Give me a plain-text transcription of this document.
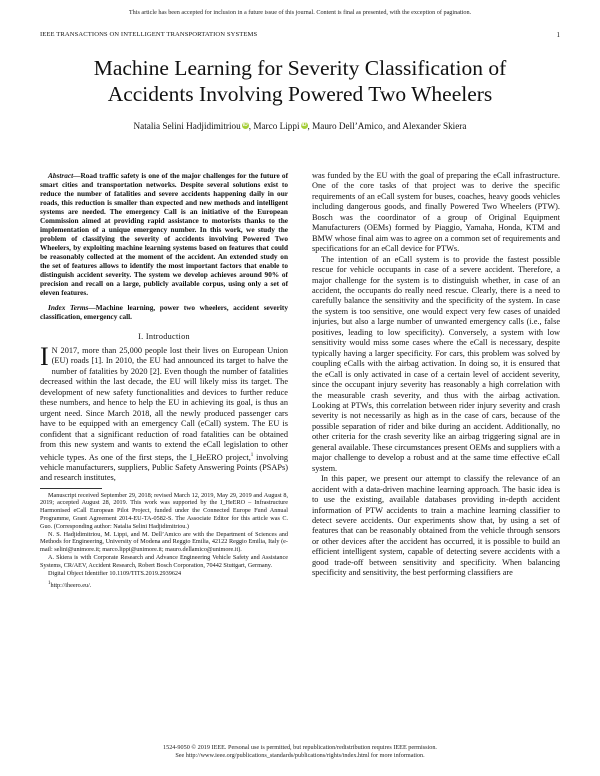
This article has been accepted for inclusion in a future issue of this journal. Content is final as presented, with the exception of pagination.
IEEE TRANSACTIONS ON INTELLIGENT TRANSPORTATION SYSTEMS	1
Machine Learning for Severity Classification of
Accidents Involving Powered Two Wheelers
Natalia Selini Hadjidimitriou iD, Marco Lippi iD, Mauro Dell’Amico, and Alexander Skiera

Abstract—Road traffic safety is one of the major challenges for the future of smart cities and transportation networks. Despite several solutions exist to reduce the number of fatalities and severe accidents happening daily in our roads, this reduction is smaller than expected and new methods and intelligent systems are needed. The emergency Call is an initiative of the European Commission aimed at providing rapid assistance to motorists thanks to the implementation of a unique emergency number. In this work, we study the problem of classifying the severity of accidents involving Powered Two Wheelers, by exploiting machine learning systems based on features that could be reasonably collected at the moment of the accident. An extended study on the set of features allows to identify the most important factors that enable to distinguish accident severity. The system we develop achieves around 90% of precision and recall on a large, publicly available corpus, using only a set of eleven features.

Index Terms—Machine learning, power two wheelers, accident severity classification, emergency call.

I. Introduction

I N 2017, more than 25,000 people lost their lives on European Union (EU) roads [1]. In 2010, the EU had announced its target to halve the number of fatalities by 2020 [2]. Even though the number of fatalities decreased within the last decade, the EU will likely miss its target. The development of new safety functionalities and devices to further reduce these numbers, and hence to help the EU in achieving its goal, is thus an urgent need. Since March 2018, all the newly produced passenger cars have to be equipped with an emergency Call (eCall) system. The EU is confident that a significant reduction of road fatalities can be obtained from this new system and wants to extend the eCall legislation to other vehicle types. As one of the first steps, the I_HeERO project,$^1$ involving vehicle manufacturers, suppliers, Public Safety Answering Points (PSAPs) and research institutes,

Manuscript received September 29, 2018; revised March 12, 2019, May 29, 2019 and August 8, 2019; accepted August 28, 2019. This work was supported by the I_HeERO – Infrastructure Harmonised eCall European Pilot Project, funded under the Connected Europe Fund Annual Programme, Grant Agreement 2014-EU-TA-0582-S. The Associate Editor for this article was C. Guo. (Corresponding author: Natalia Selini Hadjidimitriou.)

N. S. Hadjidimitriou, M. Lippi, and M. Dell’Amico are with the Department of Sciences and Methods for Engineering, University of Modena and Reggio Emilia, 42122 Reggio Emilia, Italy (e-mail: selini@unimore.it; marco.lippi@unimore.it; mauro.dellamico@unimore.it).

A. Skiera is with Corporate Research and Advance Engineering Vehicle Safety and Assistance Systems, CR/AEV, Accident Research, Robert Bosch Corporation, 70442 Stuttgart, Germany.

Digital Object Identifier 10.1109/TITS.2019.2939624

$^1$http://iheero.eu/.

was funded by the EU with the goal of preparing the eCall infrastructure. One of the core tasks of that project was to derive the specific requirements of an eCall system for buses, coaches, heavy goods vehicles including dangerous goods, and finally Powered Two Wheelers (PTW). Bosch was the coordinator of a group of Original Equipment Manufacturers (OEMs) formed by Piaggio, Yamaha, Honda, KTM and BMW whose final aim was to agree on a common set of requirements and specifications for an eCall device for PTWs.

The intention of an eCall system is to provide the fastest possible rescue for vehicle occupants in case of a severe accident. Therefore, a major challenge for the system is to distinguish whether, in case of an accident, the occupants do really need rescue. Clearly, there is a need to carefully balance the sensitivity and the specificity of the system. In case the system is too sensitive, one would expect very few cases of unaided injuries, but also a large number of unwanted emergency calls (i.e., false positives, leading to low specificity). Conversely, a system with low sensitivity would miss some cases where the eCall is necessary, despite typically having a larger specificity. For cars, this problem was solved by coupling eCalls with the airbag activation. In doing so, it is ensured that the eCall is only activated in case of a certain level of accident severity, since the occupant injury severity has reasonably a high correlation with the measurable crash severity, and thus with the airbag activation. Looking at PTWs, this correlation between rider injury severity and crash severity is not necessarily as high as in the case of cars, because of the possible separation of rider and bike during an accident. Additionally, no other criteria for the crash severity like an airbag triggering signal are in general available. These circumstances present OEMs and suppliers with a major challenge to develop a robust and at the same time effective eCall system.

In this paper, we present our attempt to classify the relevance of an accident with a data-driven machine learning approach. The basic idea is to use the existing, available databases providing in-depth accident information of PTW accidents to train a machine learning classifier to detect severe accidents. Our experiments show that, by using a set of features that can be reasonably obtained from the vehicle through sensors or other devices after the accident has occurred, it is possible to build an efficient intelligent system, capable of detecting severe accidents with a good trade-off between sensitivity and specificity. When balancing specificity and sensitivity, the best performing classifiers are

1524-9050 © 2019 IEEE. Personal use is permitted, but republication/redistribution requires IEEE permission.
See http://www.ieee.org/publications_standards/publications/rights/index.html for more information.
